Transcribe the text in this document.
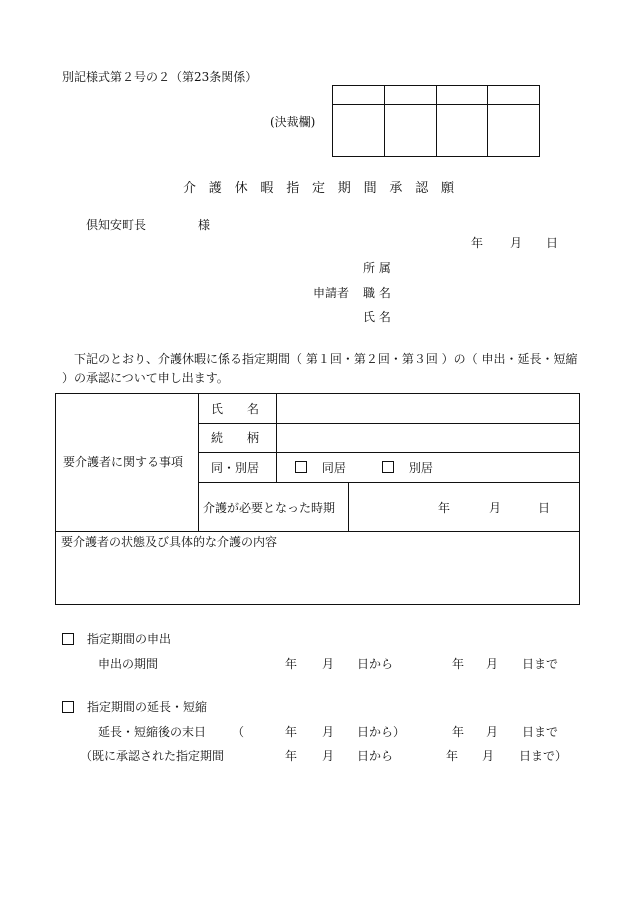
別記様式第２号の２（第23条関係）
(決裁欄)

介護休暇指定期間承認願
倶知安町長	様
年 月 日
所 属
申請者 職 名
氏 名
　下記のとおり、介護休暇に係る指定期間（ 第１回・第２回・第３回 ）の（ 申出・延長・短縮 ）の承認について申し出ます。
要介護者に関する事項
氏　　名
続　　柄
同・別居	同居	別居
介護が必要となった時期	年	月	日
要介護者の状態及び具体的な介護の内容
指定期間の申出
申出の期間	年 月 日から	年 月 日まで
指定期間の延長・短縮
延長・短縮後の末日 （	年 月 日から）	年 月 日まで
（既に承認された指定期間	年 月 日から	年 月 日まで）
